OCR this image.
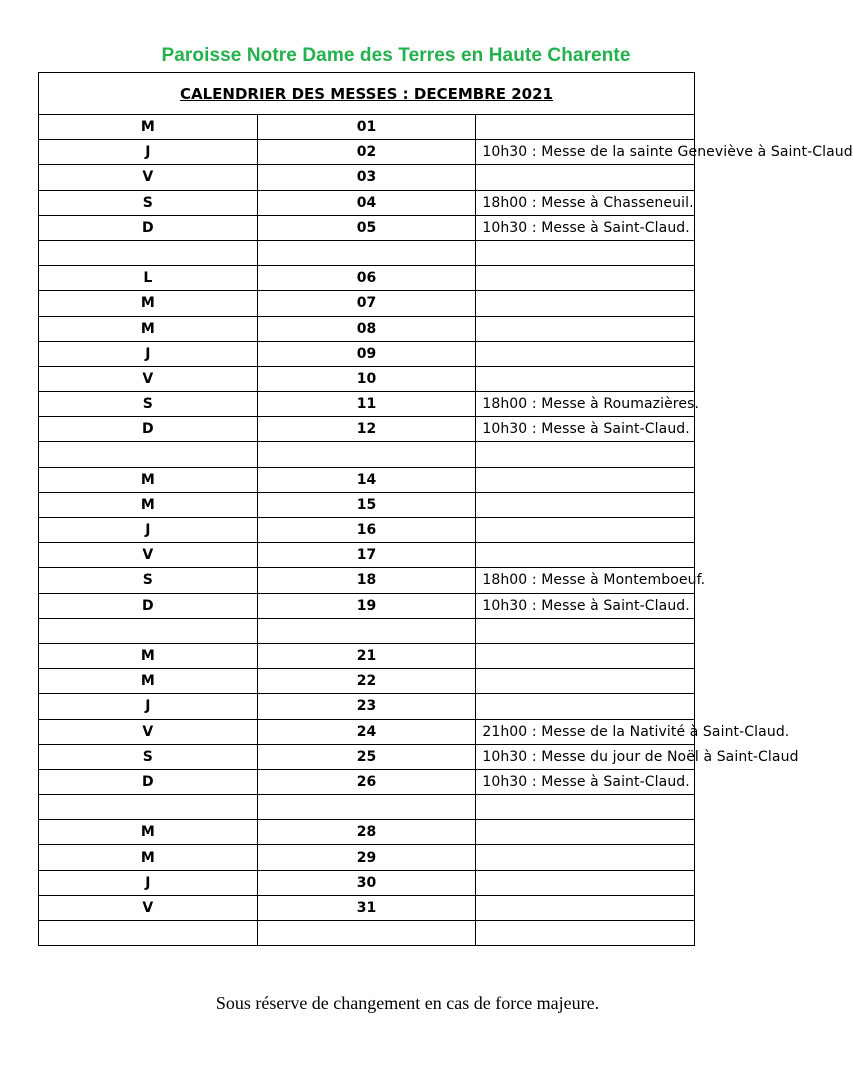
Paroisse Notre Dame des Terres en Haute Charente
CALENDRIER DES MESSES : DECEMBRE 2021		
M	01	
J	02	10h30 : Messe de la sainte Geneviève à Saint-Claud
V	03	
S	04	18h00 : Messe à Chasseneuil.
D	05	10h30 : Messe à Saint-Claud.

L	06	
M	07	
M	08	
J	09	
V	10	
S	11	18h00 : Messe à Roumazières.
D	12	10h30 : Messe à Saint-Claud.

M	14	
M	15	
J	16	
V	17	
S	18	18h00 : Messe à Montemboeuf.
D	19	10h30 : Messe à Saint-Claud.

M	21	
M	22	
J	23	
V	24	21h00 : Messe de la Nativité à Saint-Claud.
S	25	10h30 : Messe du jour de Noël à Saint-Claud
D	26	10h30 : Messe à Saint-Claud.

M	28	
M	29	
J	30	
V	31	

Sous réserve de changement en cas de force majeure.
